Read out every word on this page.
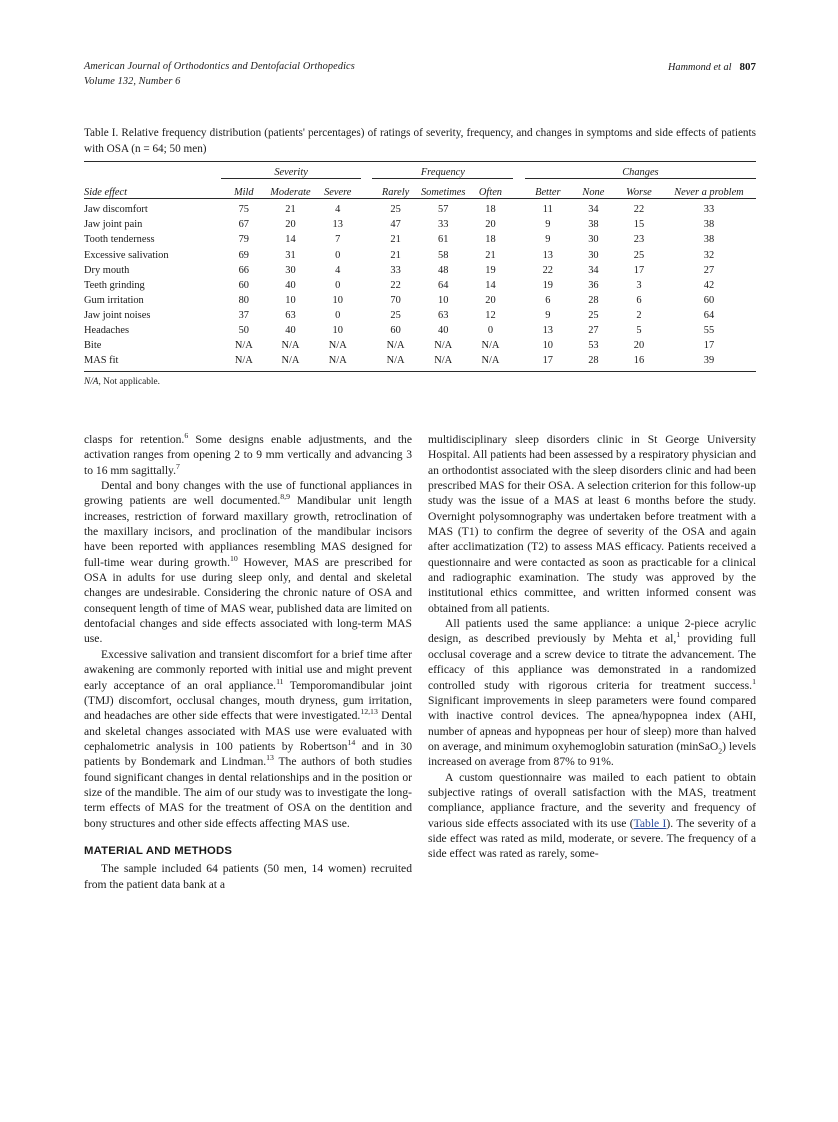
American Journal of Orthodontics and Dentofacial Orthopedics
Volume 132, Number 6
Hammond et al 807
Table I. Relative frequency distribution (patients' percentages) of ratings of severity, frequency, and changes in symptoms and side effects of patients with OSA (n = 64; 50 men)

	Severity				Frequency				Changes			
Side effect	Mild	Moderate	Severe		Rarely	Sometimes	Often		Better	None	Worse	Never a problem

Jaw discomfort	75	21	4		25	57	18		11	34	22	33
Jaw joint pain	67	20	13		47	33	20		9	38	15	38
Tooth tenderness	79	14	7		21	61	18		9	30	23	38
Excessive salivation	69	31	0		21	58	21		13	30	25	32
Dry mouth	66	30	4		33	48	19		22	34	17	27
Teeth grinding	60	40	0		22	64	14		19	36	3	42
Gum irritation	80	10	10		70	10	20		6	28	6	60
Jaw joint noises	37	63	0		25	63	12		9	25	2	64
Headaches	50	40	10		60	40	0		13	27	5	55
Bite	N/A	N/A	N/A		N/A	N/A	N/A		10	53	20	17
MAS fit	N/A	N/A	N/A		N/A	N/A	N/A		17	28	16	39

N/A, Not applicable.

clasps for retention.$^6$ Some designs enable adjustments, and the activation ranges from opening 2 to 9 mm vertically and advancing 3 to 16 mm sagittally.$^7$

Dental and bony changes with the use of functional appliances in growing patients are well documented.$^{8,9}$ Mandibular unit length increases, restriction of forward maxillary growth, retroclination of the maxillary incisors, and proclination of the mandibular incisors have been reported with appliances resembling MAS designed for full-time wear during growth.$^{10}$ However, MAS are prescribed for OSA in adults for use during sleep only, and dental and skeletal changes are undesirable. Considering the chronic nature of OSA and consequent length of time of MAS wear, published data are limited on dentofacial changes and side effects associated with long-term MAS use.

Excessive salivation and transient discomfort for a brief time after awakening are commonly reported with initial use and might prevent early acceptance of an oral appliance.$^{11}$ Temporomandibular joint (TMJ) discomfort, occlusal changes, mouth dryness, gum irritation, and headaches are other side effects that were investigated.$^{12,13}$ Dental and skeletal changes associated with MAS use were evaluated with cephalometric analysis in 100 patients by Robertson$^{14}$ and in 30 patients by Bondemark and Lindman.$^{13}$ The authors of both studies found significant changes in dental relationships and in the position or size of the mandible. The aim of our study was to investigate the long-term effects of MAS for the treatment of OSA on the dentition and bony structures and other side effects affecting MAS use.

MATERIAL AND METHODS

The sample included 64 patients (50 men, 14 women) recruited from the patient data bank at a

multidisciplinary sleep disorders clinic in St George University Hospital. All patients had been assessed by a respiratory physician and an orthodontist associated with the sleep disorders clinic and had been prescribed MAS for their OSA. A selection criterion for this follow-up study was the issue of a MAS at least 6 months before the study. Overnight polysomnography was undertaken before treatment with a MAS (T1) to confirm the degree of severity of the OSA and again after acclimatization (T2) to assess MAS efficacy. Patients received a questionnaire and were contacted as soon as practicable for a clinical and radiographic examination. The study was approved by the institutional ethics committee, and written informed consent was obtained from all patients.

All patients used the same appliance: a unique 2-piece acrylic design, as described previously by Mehta et al,$^1$ providing full occlusal coverage and a screw device to titrate the advancement. The efficacy of this appliance was demonstrated in a randomized controlled study with rigorous criteria for treatment success.$^1$ Significant improvements in sleep parameters were found compared with inactive control devices. The apnea/hypopnea index (AHI, number of apneas and hypopneas per hour of sleep) more than halved on average, and minimum oxyhemoglobin saturation (minSaO$_2$) levels increased on average from 87% to 91%.

A custom questionnaire was mailed to each patient to obtain subjective ratings of overall satisfaction with the MAS, treatment compliance, appliance fracture, and the severity and frequency of various side effects associated with its use (Table I). The severity of a side effect was rated as mild, moderate, or severe. The frequency of a side effect was rated as rarely, some-
